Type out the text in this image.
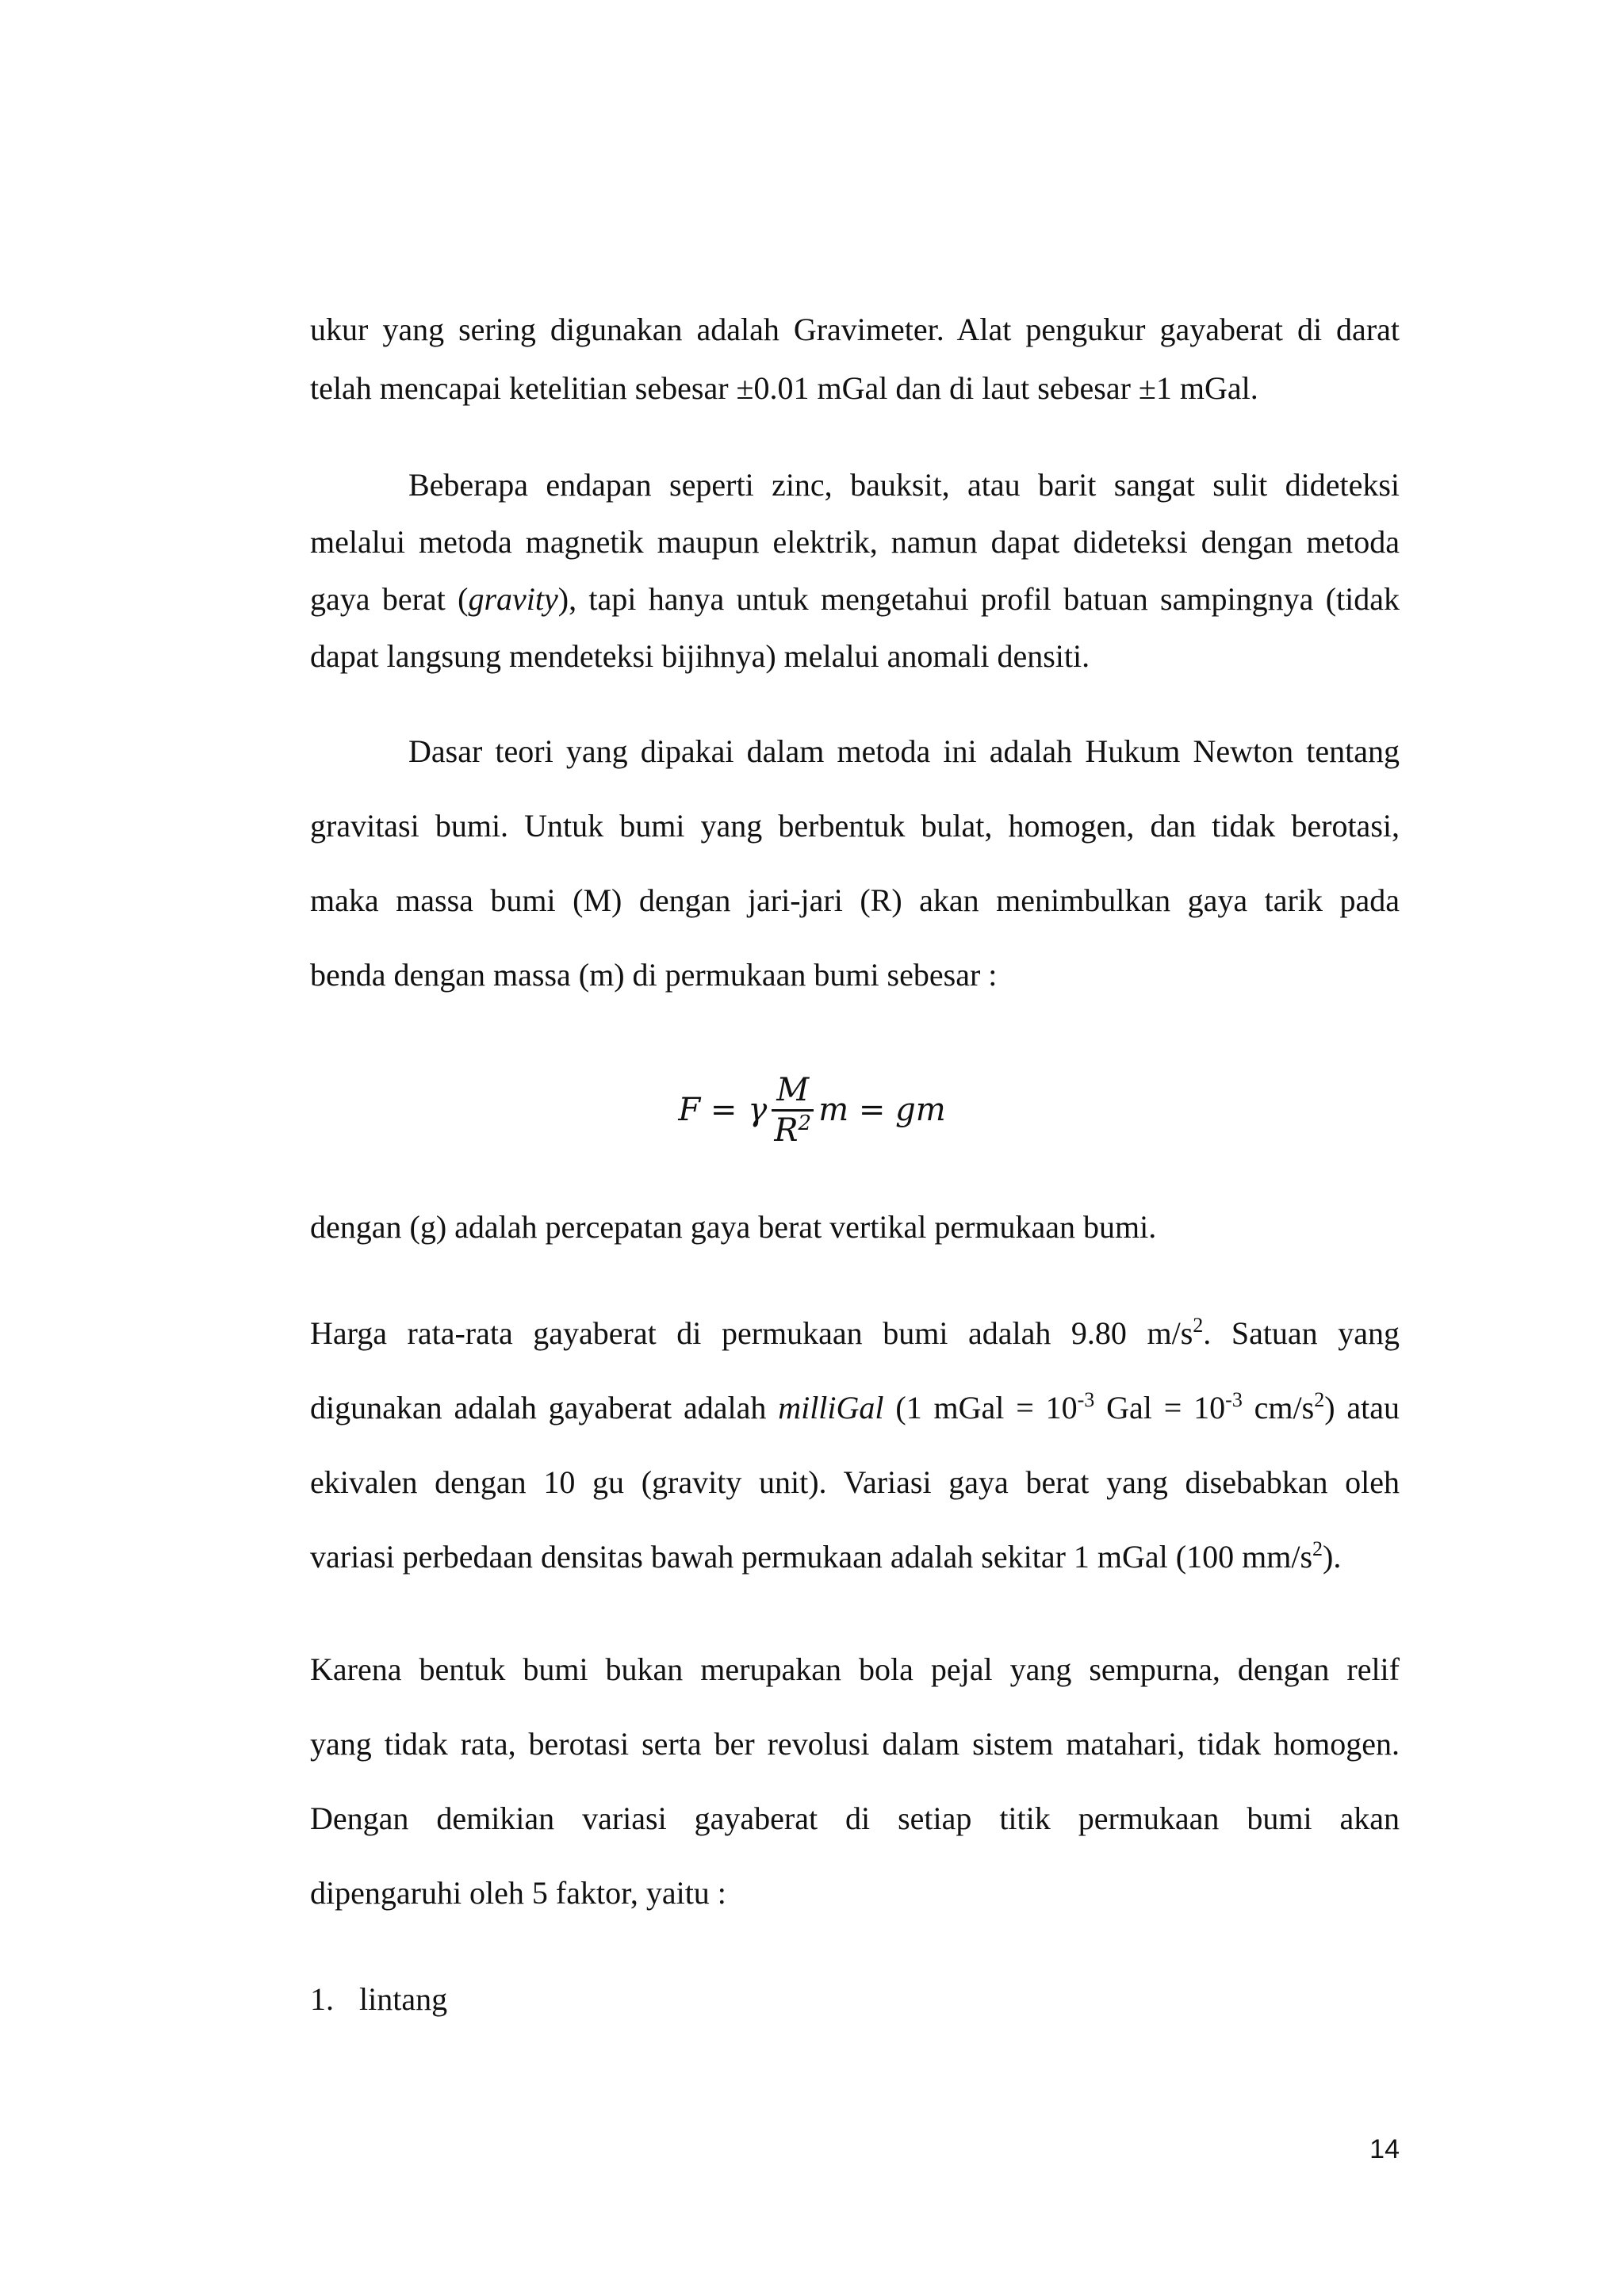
ukur yang sering digunakan adalah Gravimeter. Alat pengukur gayaberat di darat

telah mencapai ketelitian sebesar ±0.01 mGal dan di laut sebesar ±1 mGal.

Beberapa endapan seperti zinc, bauksit, atau barit sangat sulit dideteksi

melalui metoda magnetik maupun elektrik, namun dapat dideteksi dengan metoda

gaya berat (gravity), tapi hanya untuk mengetahui profil batuan sampingnya (tidak

dapat langsung mendeteksi bijihnya) melalui anomali densiti.

Dasar teori yang dipakai dalam metoda ini adalah Hukum Newton tentang

gravitasi bumi. Untuk bumi yang berbentuk bulat, homogen, dan tidak berotasi,

maka massa bumi (M) dengan jari-jari (R) akan menimbulkan gaya tarik pada

benda dengan massa (m) di permukaan bumi sebesar :

F = γ $\frac{M}{R^2}$ m = gm

dengan (g) adalah percepatan gaya berat vertikal permukaan bumi.

Harga rata-rata gayaberat di permukaan bumi adalah 9.80 $m/s^2$. Satuan yang

digunakan adalah gayaberat adalah milliGal (1 mGal = $10^{-3}$ Gal = $10^{-3}$ $cm/s^2$) atau

ekivalen dengan 10 gu (gravity unit). Variasi gaya berat yang disebabkan oleh

variasi perbedaan densitas bawah permukaan adalah sekitar 1 mGal (100 $mm/s^2$).

Karena bentuk bumi bukan merupakan bola pejal yang sempurna, dengan relif

yang tidak rata, berotasi serta ber revolusi dalam sistem matahari, tidak homogen.

Dengan demikian variasi gayaberat di setiap titik permukaan bumi akan

dipengaruhi oleh 5 faktor, yaitu :

1. lintang
14
